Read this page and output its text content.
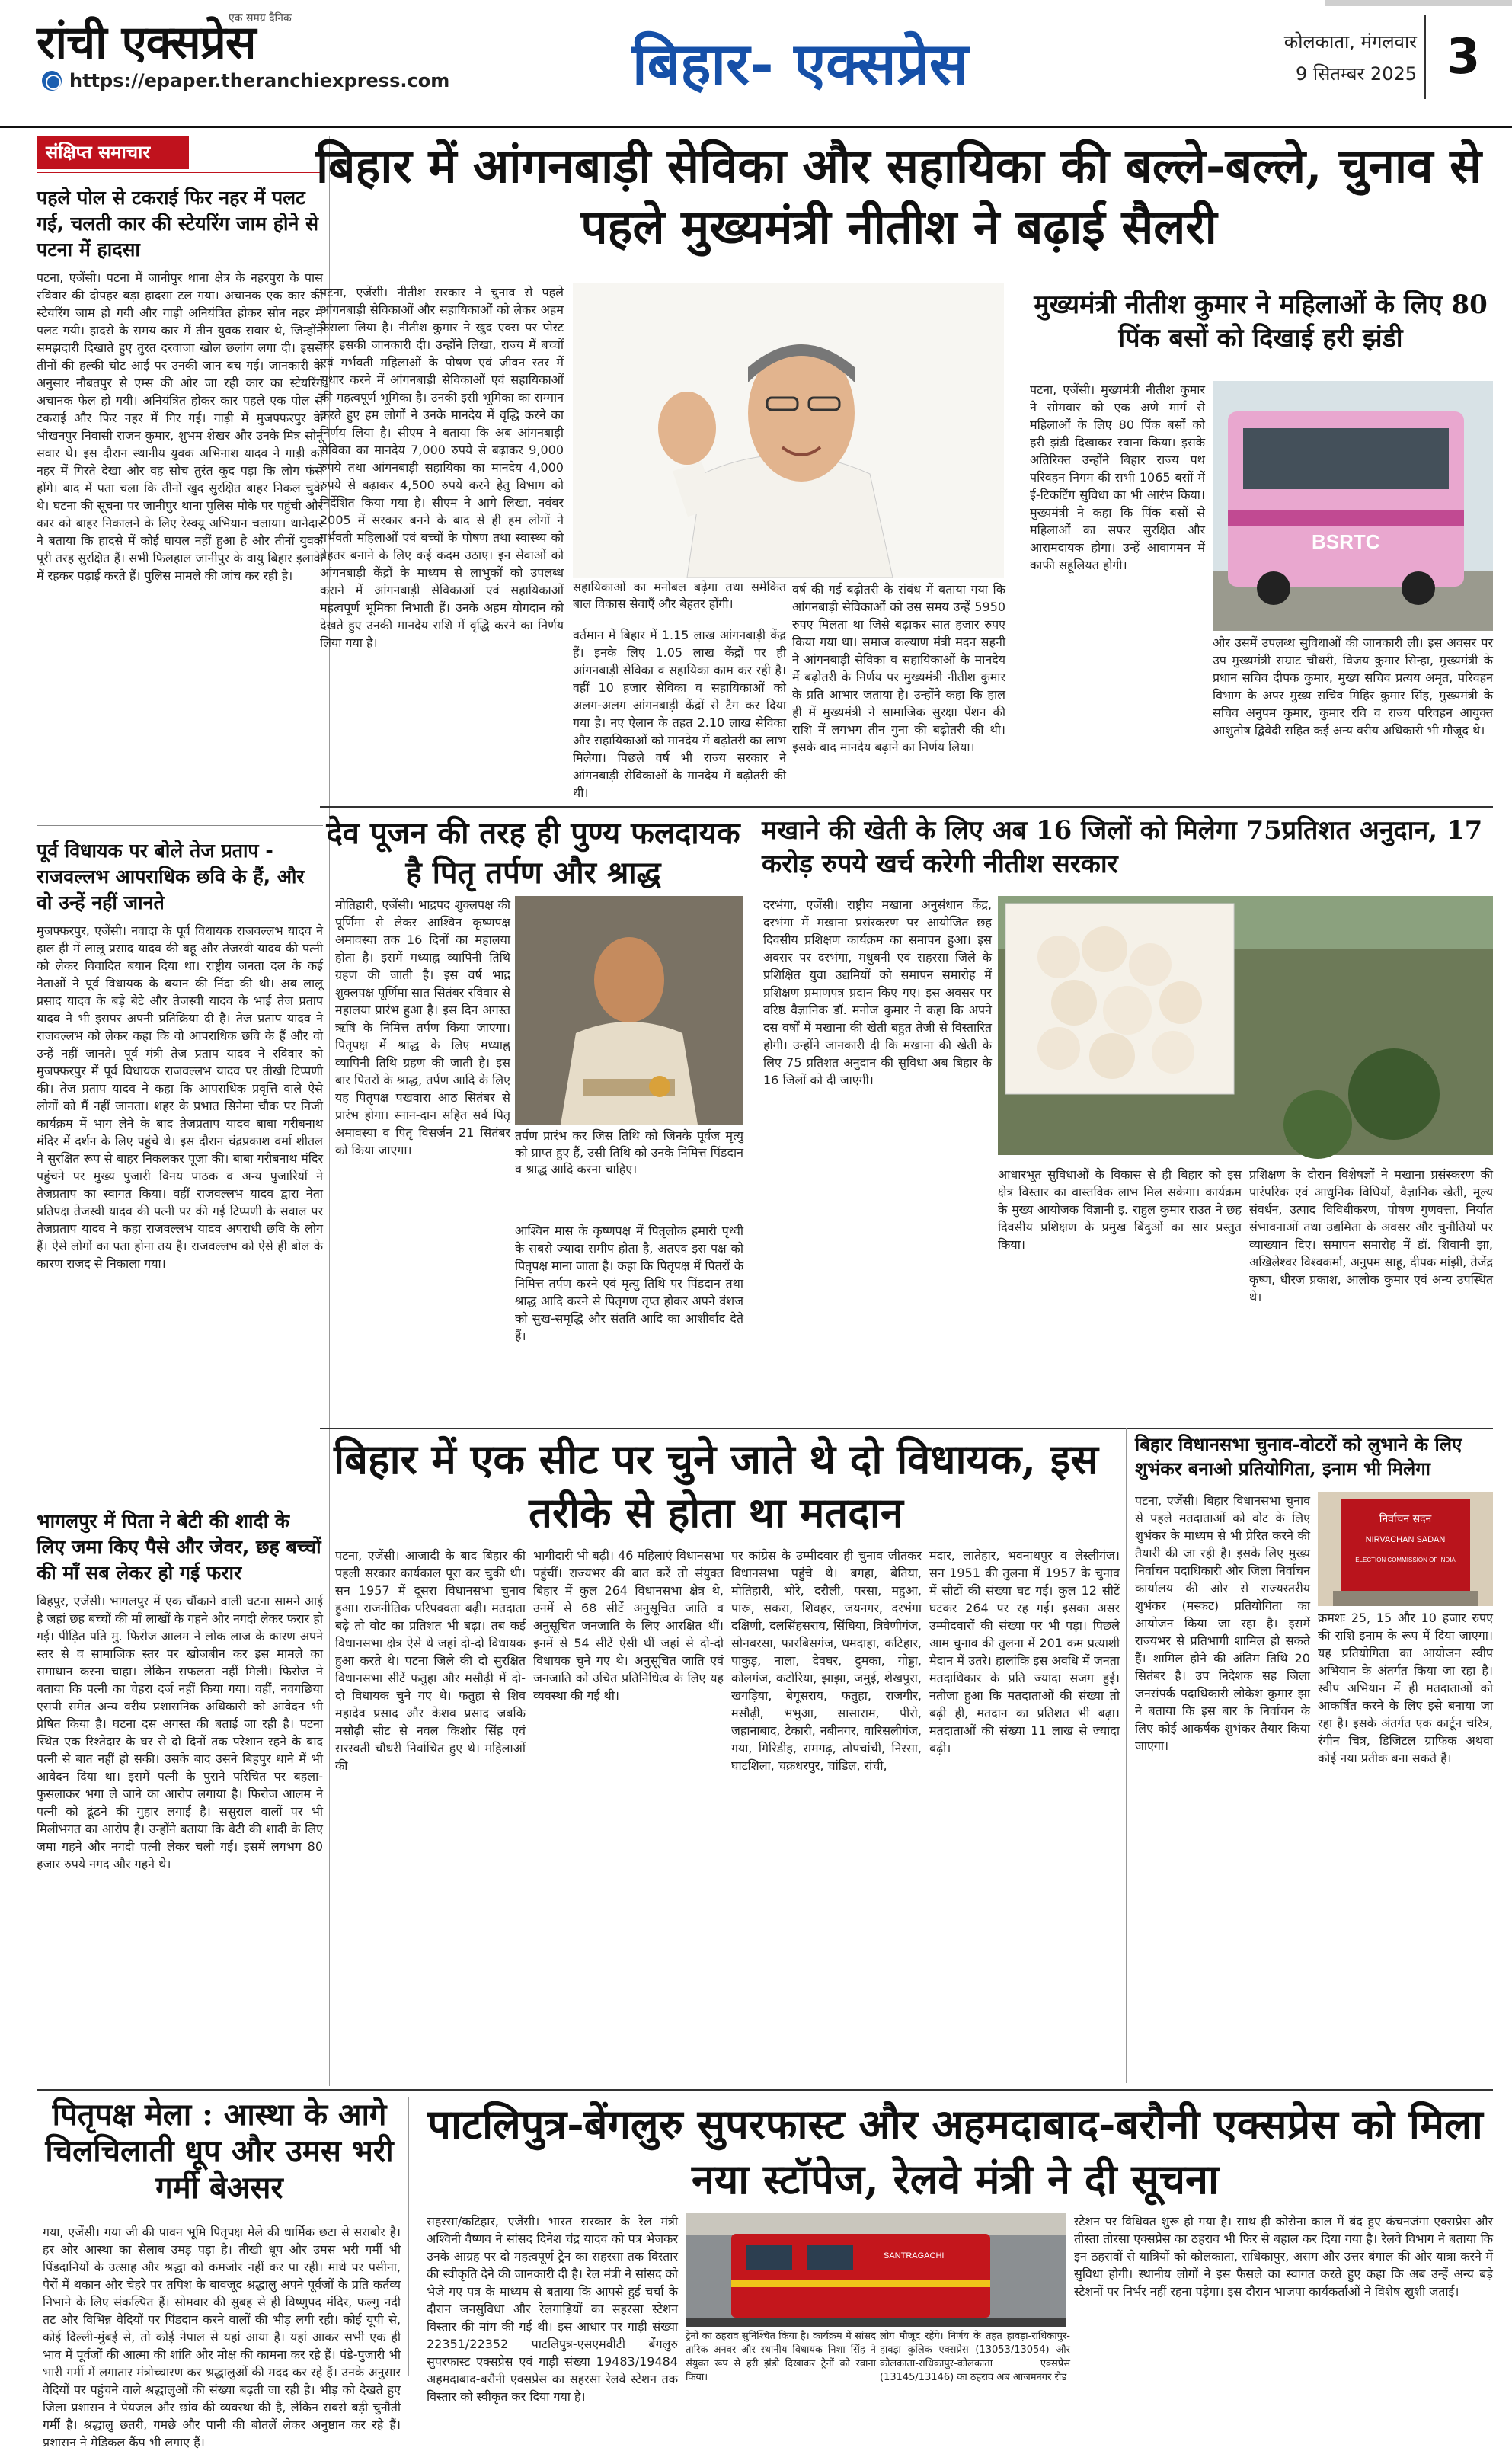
रांची एक्सप्रेस
एक समग्र दैनिक
https://epaper.theranchiexpress.com	बिहार- एक्सप्रेस	कोलकाता, मंगलवार
9 सितम्बर 2025 3
संक्षिप्त समाचार
पहले पोल से टकराई फिर नहर में पलट गई, चलती कार की स्टेयरिंग जाम होने से पटना में हादसा
पटना, एजेंसी। पटना में जानीपुर थाना क्षेत्र के नहरपुरा के पास रविवार की दोपहर बड़ा हादसा टल गया। अचानक एक कार की स्टेयरिंग जाम हो गयी और गाड़ी अनियंत्रित होकर सोन नहर में पलट गयी। हादसे के समय कार में तीन युवक सवार थे, जिन्होंने समझदारी दिखाते हुए तुरत दरवाजा खोल छलांग लगा दी। इससे तीनों की हल्की चोट आई पर उनकी जान बच गई। जानकारी के अनुसार नौबतपुर से एम्स की ओर जा रही कार का स्टेयरिंग अचानक फेल हो गयी। अनियंत्रित होकर कार पहले एक पोल से टकराई और फिर नहर में गिर गई। गाड़ी में मुजफ्फरपुर के भीखनपुर निवासी राजन कुमार, शुभम शेखर और उनके मित्र सोनू सवार थे। इस दौरान स्थानीय युवक अभिनाश यादव ने गाड़ी को नहर में गिरते देखा और वह सोच तुरंत कूद पड़ा कि लोग फंसे होंगे। बाद में पता चला कि तीनों खुद सुरक्षित बाहर निकल चुके थे। घटना की सूचना पर जानीपुर थाना पुलिस मौके पर पहुंची और कार को बाहर निकालने के लिए रेस्क्यू अभियान चलाया। थानेदार ने बताया कि हादसे में कोई घायल नहीं हुआ है और तीनों युवक पूरी तरह सुरक्षित हैं। सभी फिलहाल जानीपुर के वायु बिहार इलाके में रहकर पढ़ाई करते हैं। पुलिस मामले की जांच कर रही है।
पूर्व विधायक पर बोले तेज प्रताप - राजवल्लभ आपराधिक छवि के हैं, और वो उन्हें नहीं जानते
मुजफ्फरपुर, एजेंसी। नवादा के पूर्व विधायक राजवल्लभ यादव ने हाल ही में लालू प्रसाद यादव की बहू और तेजस्वी यादव की पत्नी को लेकर विवादित बयान दिया था। राष्ट्रीय जनता दल के कई नेताओं ने पूर्व विधायक के बयान की निंदा की थी। अब लालू प्रसाद यादव के बड़े बेटे और तेजस्वी यादव के भाई तेज प्रताप यादव ने भी इसपर अपनी प्रतिक्रिया दी है। तेज प्रताप यादव ने राजवल्लभ को लेकर कहा कि वो आपराधिक छवि के हैं और वो उन्हें नहीं जानते। पूर्व मंत्री तेज प्रताप यादव ने रविवार को मुजफ्फरपुर में पूर्व विधायक राजवल्लभ यादव पर तीखी टिप्पणी की। तेज प्रताप यादव ने कहा कि आपराधिक प्रवृत्ति वाले ऐसे लोगों को मैं नहीं जानता। शहर के प्रभात सिनेमा चौक पर निजी कार्यक्रम में भाग लेने के बाद तेजप्रताप यादव बाबा गरीबनाथ मंदिर में दर्शन के लिए पहुंचे थे। इस दौरान चंद्रप्रकाश वर्मा शीतल ने सुरक्षित रूप से बाहर निकलकर पूजा की। बाबा गरीबनाथ मंदिर पहुंचने पर मुख्य पुजारी विनय पाठक व अन्य पुजारियों ने तेजप्रताप का स्वागत किया। वहीं राजवल्लभ यादव द्वारा नेता प्रतिपक्ष तेजस्वी यादव की पत्नी पर की गई टिप्पणी के सवाल पर तेजप्रताप यादव ने कहा राजवल्लभ यादव अपराधी छवि के लोग हैं। ऐसे लोगों का पता होना तय है। राजवल्लभ को ऐसे ही बोल के कारण राजद से निकाला गया।
भागलपुर में पिता ने बेटी की शादी के लिए जमा किए पैसे और जेवर, छह बच्चों की माँ सब लेकर हो गई फरार
बिहपुर, एजेंसी। भागलपुर में एक चौंकाने वाली घटना सामने आई है जहां छह बच्चों की माँ लाखों के गहने और नगदी लेकर फरार हो गई। पीड़ित पति मु. फिरोज आलम ने लोक लाज के कारण अपने स्तर से व सामाजिक स्तर पर खोजबीन कर इस मामले का समाधान करना चाहा। लेकिन सफलता नहीं मिली। फिरोज ने बताया कि पत्नी का चेहरा दर्ज नहीं किया गया। वहीं, नवगछिया एसपी समेत अन्य वरीय प्रशासनिक अधिकारी को आवेदन भी प्रेषित किया है। घटना दस अगस्त की बताई जा रही है। पटना स्थित एक रिश्तेदार के घर से दो दिनों तक परेशान रहने के बाद पत्नी से बात नहीं हो सकी। उसके बाद उसने बिहपुर थाने में भी आवेदन दिया था। इसमें पत्नी के पुराने परिचित पर बहला-फुसलाकर भगा ले जाने का आरोप लगाया है। फिरोज आलम ने पत्नी को ढूंढने की गुहार लगाई है। ससुराल वालों पर भी मिलीभगत का आरोप है। उन्होंने बताया कि बेटी की शादी के लिए जमा गहने और नगदी पत्नी लेकर चली गई। इसमें लगभग 80 हजार रुपये नगद और गहने थे।
बिहार में आंगनबाड़ी सेविका और सहायिका की बल्ले-बल्ले, चुनाव से पहले मुख्यमंत्री नीतीश ने बढ़ाई सैलरी
पटना, एजेंसी। नीतीश सरकार ने चुनाव से पहले आंगनबाड़ी सेविकाओं और सहायिकाओं को लेकर अहम फैसला लिया है। नीतीश कुमार ने खुद एक्स पर पोस्ट कर इसकी जानकारी दी। उन्होंने लिखा, राज्य में बच्चों एवं गर्भवती महिलाओं के पोषण एवं जीवन स्तर में सुधार करने में आंगनबाड़ी सेविकाओं एवं सहायिकाओं की महत्वपूर्ण भूमिका है। उनकी इसी भूमिका का सम्मान करते हुए हम लोगों ने उनके मानदेय में वृद्धि करने का निर्णय लिया है। सीएम ने बताया कि अब आंगनबाड़ी सेविका का मानदेय 7,000 रुपये से बढ़ाकर 9,000 रुपये तथा आंगनबाड़ी सहायिका का मानदेय 4,000 रुपये से बढ़ाकर 4,500 रुपये करने हेतु विभाग को निर्देशित किया गया है। सीएम ने आगे लिखा, नवंबर 2005 में सरकार बनने के बाद से ही हम लोगों ने गर्भवती महिलाओं एवं बच्चों के पोषण तथा स्वास्थ्य को बेहतर बनाने के लिए कई कदम उठाए। इन सेवाओं को आंगनबाड़ी केंद्रों के माध्यम से लाभुकों को उपलब्ध कराने में आंगनबाड़ी सेविकाओं एवं सहायिकाओं महत्वपूर्ण भूमिका निभाती हैं। उनके अहम योगदान को देखते हुए उनकी मानदेय राशि में वृद्धि करने का निर्णय लिया गया है।
सहायिकाओं का मनोबल बढ़ेगा तथा समेकित बाल विकास सेवाएँ और बेहतर होंगी।
वर्तमान में बिहार में 1.15 लाख आंगनबाड़ी केंद्र हैं। इनके लिए 1.05 लाख केंद्रों पर ही आंगनबाड़ी सेविका व सहायिका काम कर रही है। वहीं 10 हजार सेविका व सहायिकाओं को अलग-अलग आंगनबाड़ी केंद्रों से टैग कर दिया गया है। नए ऐलान के तहत 2.10 लाख सेविका और सहायिकाओं को मानदेय में बढ़ोतरी का लाभ मिलेगा। पिछले वर्ष भी राज्य सरकार ने आंगनबाड़ी सेविकाओं के मानदेय में बढ़ोतरी की थी।
वर्ष की गई बढ़ोतरी के संबंध में बताया गया कि आंगनबाड़ी सेविकाओं को उस समय उन्हें 5950 रुपए मिलता था जिसे बढ़ाकर सात हजार रुपए किया गया था। समाज कल्याण मंत्री मदन सहनी ने आंगनबाड़ी सेविका व सहायिकाओं के मानदेय में बढ़ोतरी के निर्णय पर मुख्यमंत्री नीतीश कुमार के प्रति आभार जताया है। उन्होंने कहा कि हाल ही में मुख्यमंत्री ने सामाजिक सुरक्षा पेंशन की राशि में लगभग तीन गुना की बढ़ोतरी की थी। इसके बाद मानदेय बढ़ाने का निर्णय लिया।
मुख्यमंत्री नीतीश कुमार ने महिलाओं के लिए 80 पिंक बसों को दिखाई हरी झंडी
पटना, एजेंसी। मुख्यमंत्री नीतीश कुमार ने सोमवार को एक अणे मार्ग से महिलाओं के लिए 80 पिंक बसों को हरी झंडी दिखाकर रवाना किया। इसके अतिरिक्त उन्होंने बिहार राज्य पथ परिवहन निगम की सभी 1065 बसों में ई-टिकटिंग सुविधा का भी आरंभ किया। मुख्यमंत्री ने कहा कि पिंक बसों से महिलाओं का सफर सुरक्षित और आरामदायक होगा। उन्हें आवागमन में काफी सहूलियत होगी।
BSRTC
और उसमें उपलब्ध सुविधाओं की जानकारी ली। इस अवसर पर उप मुख्यमंत्री सम्राट चौधरी, विजय कुमार सिन्हा, मुख्यमंत्री के प्रधान सचिव दीपक कुमार, मुख्य सचिव प्रत्यय अमृत, परिवहन विभाग के अपर मुख्य सचिव मिहिर कुमार सिंह, मुख्यमंत्री के सचिव अनुपम कुमार, कुमार रवि व राज्य परिवहन आयुक्त आशुतोष द्विवेदी सहित कई अन्य वरीय अधिकारी भी मौजूद थे।
देव पूजन की तरह ही पुण्य फलदायक है पितृ तर्पण और श्राद्ध
मोतिहारी, एजेंसी। भाद्रपद शुक्लपक्ष की पूर्णिमा से लेकर आश्विन कृष्णपक्ष अमावस्या तक 16 दिनों का महालया होता है। इसमें मध्याह्न व्यापिनी तिथि ग्रहण की जाती है। इस वर्ष भाद्र शुक्लपक्ष पूर्णिमा सात सितंबर रविवार से महालया प्रारंभ हुआ है। इस दिन अगस्त ऋषि के निमित्त तर्पण किया जाएगा। पितृपक्ष में श्राद्ध के लिए मध्याह्न व्यापिनी तिथि ग्रहण की जाती है। इस बार पितरों के श्राद्ध, तर्पण आदि के लिए यह पितृपक्ष पखवारा आठ सितंबर से प्रारंभ होगा। स्नान-दान सहित सर्व पितृ अमावस्या व पितृ विसर्जन 21 सितंबर को किया जाएगा।
तर्पण प्रारंभ कर जिस तिथि को जिनके पूर्वज मृत्यु को प्राप्त हुए हैं, उसी तिथि को उनके निमित्त पिंडदान व श्राद्ध आदि करना चाहिए।
आश्विन मास के कृष्णपक्ष में पितृलोक हमारी पृथ्वी के सबसे ज्यादा समीप होता है, अतएव इस पक्ष को पितृपक्ष माना जाता है। कहा कि पितृपक्ष में पितरों के निमित्त तर्पण करने एवं मृत्यु तिथि पर पिंडदान तथा श्राद्ध आदि करने से पितृगण तृप्त होकर अपने वंशज को सुख-समृद्धि और संतति आदि का आशीर्वाद देते हैं।
मखाने की खेती के लिए अब 16 जिलों को मिलेगा 75प्रतिशत अनुदान, 17 करोड़ रुपये खर्च करेगी नीतीश सरकार
दरभंगा, एजेंसी। राष्ट्रीय मखाना अनुसंधान केंद्र, दरभंगा में मखाना प्रसंस्करण पर आयोजित छह दिवसीय प्रशिक्षण कार्यक्रम का समापन हुआ। इस अवसर पर दरभंगा, मधुबनी एवं सहरसा जिले के प्रशिक्षित युवा उद्यमियों को समापन समारोह में प्रशिक्षण प्रमाणपत्र प्रदान किए गए। इस अवसर पर वरिष्ठ वैज्ञानिक डॉ. मनोज कुमार ने कहा कि अपने दस वर्षों में मखाना की खेती बहुत तेजी से विस्तारित होगी। उन्होंने जानकारी दी कि मखाना की खेती के लिए 75 प्रतिशत अनुदान की सुविधा अब बिहार के 16 जिलों को दी जाएगी।
आधारभूत सुविधाओं के विकास से ही बिहार को इस क्षेत्र विस्तार का वास्तविक लाभ मिल सकेगा। कार्यक्रम के मुख्य आयोजक विज्ञानी इ. राहुल कुमार राउत ने छह दिवसीय प्रशिक्षण के प्रमुख बिंदुओं का सार प्रस्तुत किया।
प्रशिक्षण के दौरान विशेषज्ञों ने मखाना प्रसंस्करण की पारंपरिक एवं आधुनिक विधियों, वैज्ञानिक खेती, मूल्य संवर्धन, उत्पाद विविधीकरण, पोषण गुणवत्ता, निर्यात संभावनाओं तथा उद्यमिता के अवसर और चुनौतियों पर व्याख्यान दिए। समापन समारोह में डॉ. शिवानी झा, अखिलेश्वर विश्वकर्मा, अनुपम साहू, दीपक मांझी, तेजेंद्र कृष्ण, धीरज प्रकाश, आलोक कुमार एवं अन्य उपस्थित थे।
बिहार में एक सीट पर चुने जाते थे दो विधायक, इस तरीके से होता था मतदान
पटना, एजेंसी। आजादी के बाद बिहार की पहली सरकार कार्यकाल पूरा कर चुकी थी। सन 1957 में दूसरा विधानसभा चुनाव हुआ। राजनीतिक परिपक्वता बढ़ी। मतदाता बढ़े तो वोट का प्रतिशत भी बढ़ा। तब कई विधानसभा क्षेत्र ऐसे थे जहां दो-दो विधायक हुआ करते थे। पटना जिले की दो सुरक्षित विधानसभा सीटें फतुहा और मसौढ़ी में दो-दो विधायक चुने गए थे। फतुहा से शिव महादेव प्रसाद और केशव प्रसाद जबकि मसौढ़ी सीट से नवल किशोर सिंह एवं सरस्वती चौधरी निर्वाचित हुए थे। महिलाओं की
भागीदारी भी बढ़ी। 46 महिलाएं विधानसभा पहुंचीं। राज्यभर की बात करें तो संयुक्त बिहार में कुल 264 विधानसभा क्षेत्र थे, उनमें से 68 सीटें अनुसूचित जाति व अनुसूचित जनजाति के लिए आरक्षित थीं। इनमें से 54 सीटें ऐसी थीं जहां से दो-दो विधायक चुने गए थे। अनुसूचित जाति एवं जनजाति को उचित प्रतिनिधित्व के लिए यह व्यवस्था की गई थी।
पर कांग्रेस के उम्मीदवार ही चुनाव जीतकर विधानसभा पहुंचे थे। बगहा, बेतिया, मोतिहारी, भोरे, दरौली, परसा, महुआ, पारू, सकरा, शिवहर, जयनगर, दरभंगा दक्षिणी, दलसिंहसराय, सिंघिया, त्रिवेणीगंज, सोनबरसा, फारबिसगंज, धमदाहा, कटिहार, पाकुड़, नाला, देवघर, दुमका, गोड्डा, कोलगंज, कटोरिया, झाझा, जमुई, शेखपुरा, खगड़िया, बेगूसराय, फतुहा, राजगीर, मसौढ़ी, भभुआ, सासाराम, पीरो, जहानाबाद, टेकारी, नबीनगर, वारिसलीगंज, गया, गिरिडीह, रामगढ़, तोपचांची, निरसा, घाटशिला, चक्रधरपुर, चांडिल, रांची,
मंदार, लातेहार, भवनाथपुर व लेस्लीगंज। सन 1951 की तुलना में 1957 के चुनाव में सीटों की संख्या घट गई। कुल 12 सीटें घटकर 264 पर रह गईं। इसका असर उम्मीदवारों की संख्या पर भी पड़ा। पिछले आम चुनाव की तुलना में 201 कम प्रत्याशी मैदान में उतरे। हालांकि इस अवधि में जनता मतदाधिकार के प्रति ज्यादा सजग हुई। नतीजा हुआ कि मतदाताओं की संख्या तो बढ़ी ही, मतदान का प्रतिशत भी बढ़ा। मतदाताओं की संख्या 11 लाख से ज्यादा बढ़ी।
बिहार विधानसभा चुनाव-वोटरों को लुभाने के लिए शुभंकर बनाओ प्रतियोगिता, इनाम भी मिलेगा
पटना, एजेंसी। बिहार विधानसभा चुनाव से पहले मतदाताओं को वोट के लिए शुभंकर के माध्यम से भी प्रेरित करने की तैयारी की जा रही है। इसके लिए मुख्य निर्वाचन पदाधिकारी और जिला निर्वाचन कार्यालय की ओर से राज्यस्तरीय शुभंकर (मस्कट) प्रतियोगिता का आयोजन किया जा रहा है। इसमें राज्यभर से प्रतिभागी शामिल हो सकते हैं। शामिल होने की अंतिम तिथि 20 सितंबर है। उप निदेशक सह जिला जनसंपर्क पदाधिकारी लोकेश कुमार झा ने बताया कि इस बार के निर्वाचन के लिए कोई आकर्षक शुभंकर तैयार किया जाएगा।
निर्वाचन सदन
NIRVACHAN SADAN
ELECTION COMMISSION OF INDIA
क्रमशः 25, 15 और 10 हजार रुपए की राशि इनाम के रूप में दिया जाएगा। यह प्रतियोगिता का आयोजन स्वीप अभियान के अंतर्गत किया जा रहा है। स्वीप अभियान में ही मतदाताओं को आकर्षित करने के लिए इसे बनाया जा रहा है। इसके अंतर्गत एक कार्टून चरित्र, रंगीन चित्र, डिजिटल ग्राफिक अथवा कोई नया प्रतीक बना सकते हैं।
पितृपक्ष मेला : आस्था के आगे चिलचिलाती धूप और उमस भरी गर्मी बेअसर
गया, एजेंसी। गया जी की पावन भूमि पितृपक्ष मेले की धार्मिक छटा से सराबोर है। हर ओर आस्था का सैलाब उमड़ पड़ा है। तीखी धूप और उमस भरी गर्मी भी पिंडदानियों के उत्साह और श्रद्धा को कमजोर नहीं कर पा रही। माथे पर पसीना, पैरों में थकान और चेहरे पर तपिश के बावजूद श्रद्धालु अपने पूर्वजों के प्रति कर्तव्य निभाने के लिए संकल्पित हैं। सोमवार की सुबह से ही विष्णुपद मंदिर, फल्गु नदी तट और विभिन्न वेदियों पर पिंडदान करने वालों की भीड़ लगी रही। कोई यूपी से, कोई दिल्ली-मुंबई से, तो कोई नेपाल से यहां आया है। यहां आकर सभी एक ही भाव में पूर्वजों की आत्मा की शांति और मोक्ष की कामना कर रहे हैं। पंडे-पुजारी भी भारी गर्मी में लगातार मंत्रोच्चारण कर श्रद्धालुओं की मदद कर रहे हैं। उनके अनुसार वेदियों पर पहुंचने वाले श्रद्धालुओं की संख्या बढ़ती जा रही है। भीड़ को देखते हुए जिला प्रशासन ने पेयजल और छांव की व्यवस्था की है, लेकिन सबसे बड़ी चुनौती गर्मी है। श्रद्धालु छतरी, गमछे और पानी की बोतलें लेकर अनुष्ठान कर रहे हैं। प्रशासन ने मेडिकल कैंप भी लगाए हैं।
पाटलिपुत्र-बेंगलुरु सुपरफास्ट और अहमदाबाद-बरौनी एक्सप्रेस को मिला नया स्टॉपेज, रेलवे मंत्री ने दी सूचना
सहरसा/कटिहार, एजेंसी। भारत सरकार के रेल मंत्री अश्विनी वैष्णव ने सांसद दिनेश चंद्र यादव को पत्र भेजकर उनके आग्रह पर दो महत्वपूर्ण ट्रेन का सहरसा तक विस्तार की स्वीकृति देने की जानकारी दी है। रेल मंत्री ने सांसद को भेजे गए पत्र के माध्यम से बताया कि आपसे हुई चर्चा के दौरान जनसुविधा और रेलगाड़ियों का सहरसा स्टेशन विस्तार की मांग की गई थी। इस आधार पर गाड़ी संख्या 22351/22352 पाटलिपुत्र-एसएमवीटी बेंगलुरु सुपरफास्ट एक्सप्रेस एवं गाड़ी संख्या 19483/19484 अहमदाबाद-बरौनी एक्सप्रेस का सहरसा रेलवे स्टेशन तक विस्तार को स्वीकृत कर दिया गया है।
SANTRAGACHI
ट्रेनों का ठहराव सुनिश्चित किया है। कार्यक्रम में सांसद तारिक अनवर और स्थानीय विधायक निशा सिंह ने संयुक्त रूप से हरी झंडी दिखाकर ट्रेनों को रवाना किया।
लोग मौजूद रहेंगे। निर्णय के तहत हावड़ा-राधिकापुर-हावड़ा कुलिक एक्सप्रेस (13053/13054) और कोलकाता-राधिकापुर-कोलकाता एक्सप्रेस (13145/13146) का ठहराव अब आजमनगर रोड
स्टेशन पर विधिवत शुरू हो गया है। साथ ही कोरोना काल में बंद हुए कंचनजंगा एक्सप्रेस और तीस्ता तोरसा एक्सप्रेस का ठहराव भी फिर से बहाल कर दिया गया है। रेलवे विभाग ने बताया कि इन ठहरावों से यात्रियों को कोलकाता, राधिकापुर, असम और उत्तर बंगाल की ओर यात्रा करने में सुविधा होगी। स्थानीय लोगों ने इस फैसले का स्वागत करते हुए कहा कि अब उन्हें अन्य बड़े स्टेशनों पर निर्भर नहीं रहना पड़ेगा। इस दौरान भाजपा कार्यकर्ताओं ने विशेष खुशी जताई।
